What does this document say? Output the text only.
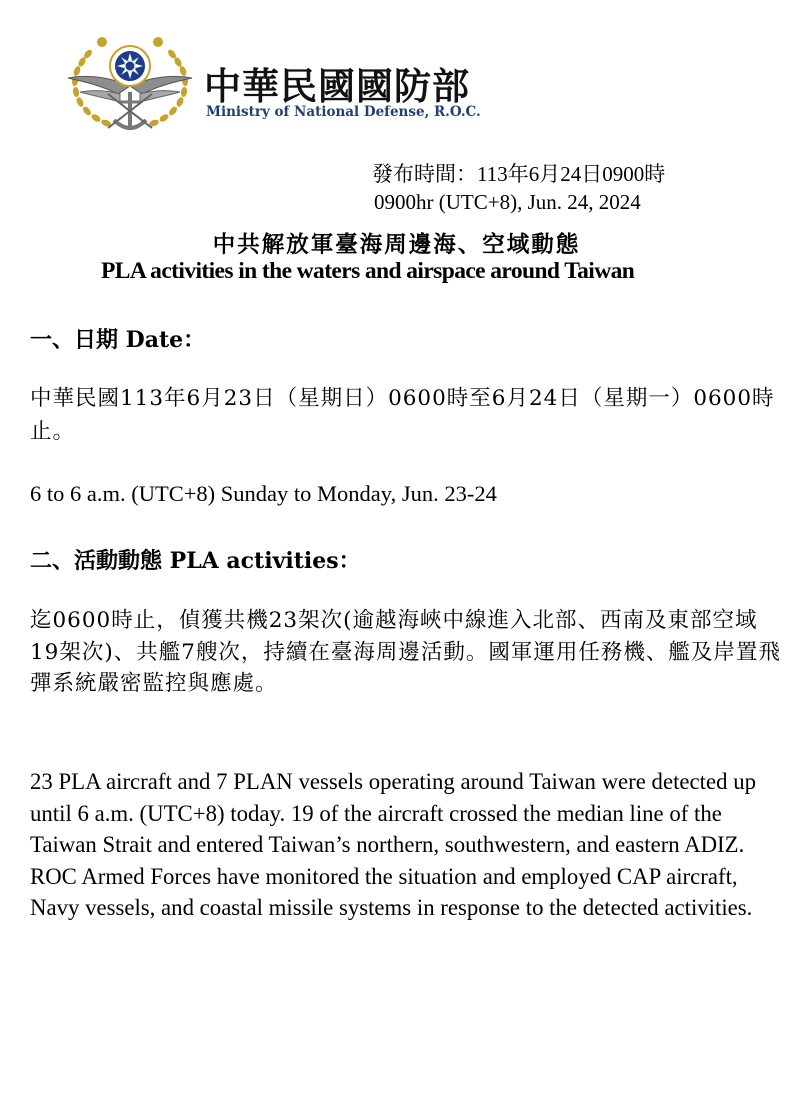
中華民國國防部
Ministry of National Defense, R.O.C.
發布時間：113年6月24日0900時
0900hr (UTC+8), Jun. 24, 2024
中共解放軍臺海周邊海、空域動態
PLA activities in the waters and airspace around Taiwan
一、日期 Date：
中華民國113年6月23日（星期日）0600時至6月24日（星期一）0600時止。
6 to 6 a.m. (UTC+8) Sunday to Monday, Jun. 23-24
二、活動動態 PLA activities：
迄0600時止，偵獲共機23架次(逾越海峽中線進入北部、西南及東部空域19架次)、共艦7艘次，持續在臺海周邊活動。國軍運用任務機、艦及岸置飛彈系統嚴密監控與應處。
23 PLA aircraft and 7 PLAN vessels operating around Taiwan were detected up until 6 a.m. (UTC+8) today. 19 of the aircraft crossed the median line of the Taiwan Strait and entered Taiwan’s northern, southwestern, and eastern ADIZ. ROC Armed Forces have monitored the situation and employed CAP aircraft, Navy vessels, and coastal missile systems in response to the detected activities.
